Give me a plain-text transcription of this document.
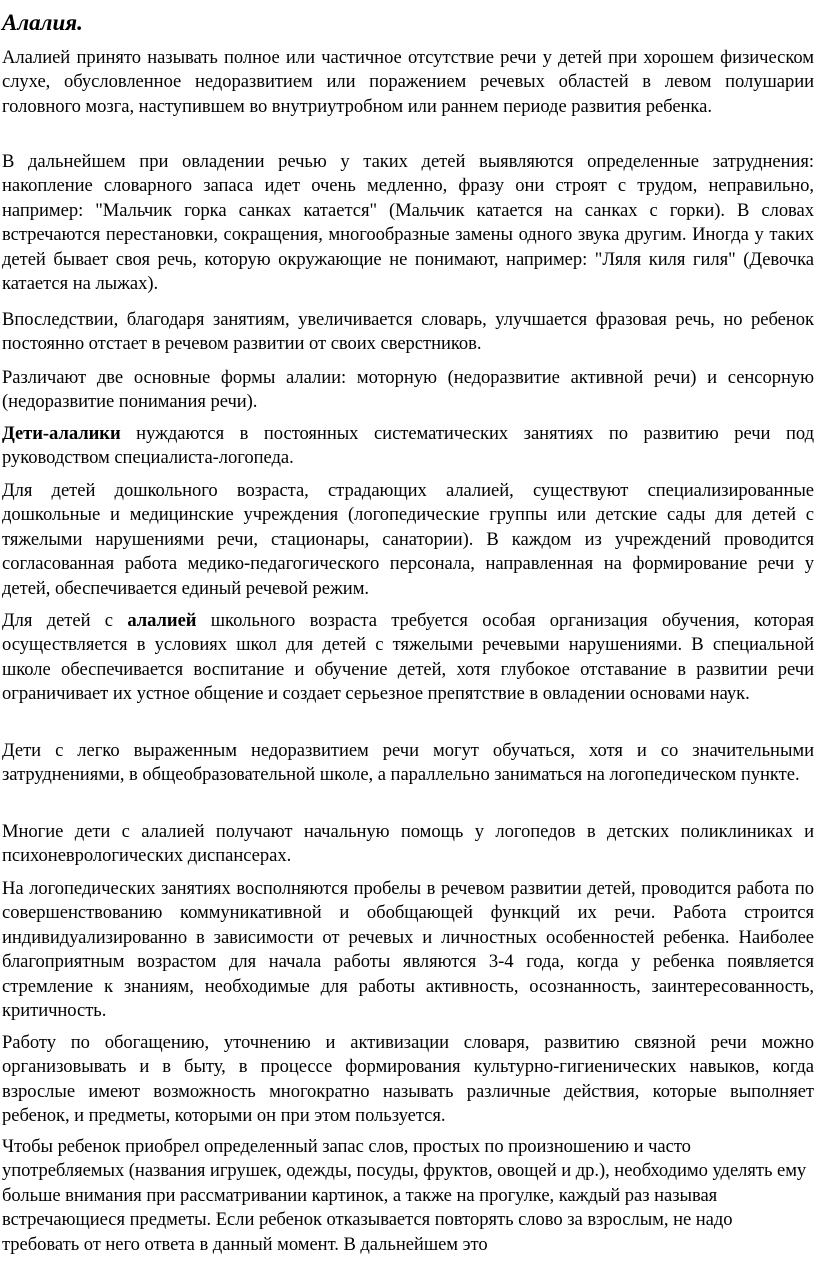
Алалия.

Алалией принято называть полное или частичное отсутствие речи у детей при хорошем физическом слухе, обусловленное недоразвитием или поражением речевых областей в левом полушарии головного мозга, наступившем во внутриутробном или раннем периоде развития ребенка.

В дальнейшем при овладении речью у таких детей выявляются определенные затруднения: накопление словарного запаса идет очень медленно, фразу они строят с трудом, неправильно, например: "Мальчик горка санках катается" (Мальчик катается на санках с горки). В словах встречаются перестановки, сокращения, многообразные замены одного звука другим. Иногда у таких детей бывает своя речь, которую окружающие не понимают, например: "Ляля киля гиля" (Девочка катается на лыжах).

Впоследствии, благодаря занятиям, увеличивается словарь, улучшается фразовая речь, но ребенок постоянно отстает в речевом развитии от своих сверстников.

Различают две основные формы алалии: моторную (недоразвитие активной речи) и сенсорную (недоразвитие понимания речи).

Дети-алалики нуждаются в постоянных систематических занятиях по развитию речи под руководством специалиста-логопеда.

Для детей дошкольного возраста, страдающих алалией, существуют специализированные дошкольные и медицинские учреждения (логопедические группы или детские сады для детей с тяжелыми нарушениями речи, стационары, санатории). В каждом из учреждений проводится согласованная работа медико-педагогического персонала, направленная на формирование речи у детей, обеспечивается единый речевой режим.

Для детей с алалией школьного возраста требуется особая организация обучения, которая осуществляется в условиях школ для детей с тяжелыми речевыми нарушениями. В специальной школе обеспечивается воспитание и обучение детей, хотя глубокое отставание в развитии речи ограничивает их устное общение и создает серьезное препятствие в овладении основами наук.

Дети с легко выраженным недоразвитием речи могут обучаться, хотя и со значительными затруднениями, в общеобразовательной школе, а параллельно заниматься на логопедическом пункте.

Многие дети с алалией получают начальную помощь у логопедов в детских поликлиниках и психоневрологических диспансерах.

На логопедических занятиях восполняются пробелы в речевом развитии детей, проводится работа по совершенствованию коммуникативной и обобщающей функций их речи. Работа строится индивидуализированно в зависимости от речевых и личностных особенностей ребенка. Наиболее благоприятным возрастом для начала работы являются 3-4 года, когда у ребенка появляется стремление к знаниям, необходимые для работы активность, осознанность, заинтересованность, критичность.

Работу по обогащению, уточнению и активизации словаря, развитию связной речи можно организовывать и в быту, в процессе формирования культурно-гигиенических навыков, когда взрослые имеют возможность многократно называть различные действия, которые выполняет ребенок, и предметы, которыми он при этом пользуется.

Чтобы ребенок приобрел определенный запас слов, простых по произношению и часто употребляемых (названия игрушек, одежды, посуды, фруктов, овощей и др.), необходимо уделять ему больше внимания при рассматривании картинок, а также на прогулке, каждый раз называя встречающиеся предметы. Если ребенок отказывается повторять слово за взрослым, не надо требовать от него ответа в данный момент. В дальнейшем это
